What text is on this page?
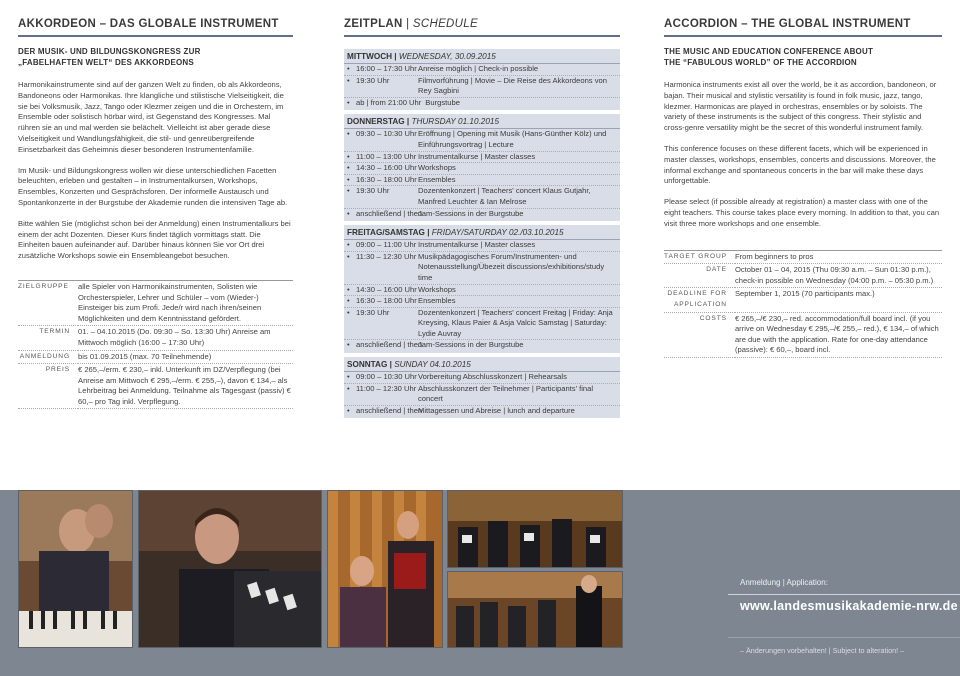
AKKORDEON – DAS GLOBALE INSTRUMENT
DER MUSIK- UND BILDUNGSKONGRESS ZUR
„FABELHAFTEN WELT“ DES AKKORDEONS
Harmonikainstrumente sind auf der ganzen Welt zu finden, ob als Akkordeons, Bandoneons oder Harmonikas. Ihre klangliche und stilistische Vielseitigkeit, die sie bei Volksmusik, Jazz, Tango oder Klezmer zeigen und die in Orchestern, im Ensemble oder solistisch hörbar wird, ist Gegenstand des Kongresses. Mal rühren sie an und mal werden sie belächelt. Vielleicht ist aber gerade diese Vielseitigkeit und Wandlungsfähigkeit, die stil- und genreübergreifende Einsetzbarkeit das Geheimnis dieser besonderen Instrumentenfamilie.
Im Musik- und Bildungskongress wollen wir diese unterschiedlichen Facetten beleuchten, erleben und gestalten – in Instrumentalkursen, Workshops, Ensembles, Konzerten und Gesprächsforen. Der informelle Austausch und Spontankonzerte in der Burgstube der Akademie runden die intensiven Tage ab.
Bitte wählen Sie (möglichst schon bei der Anmeldung) einen Instrumentalkurs bei einem der acht Dozenten. Dieser Kurs findet täglich vormittags statt. Die Einheiten bauen aufeinander auf. Darüber hinaus können Sie vor Ort drei zusätzliche Workshops sowie ein Ensembleangebot besuchen.
ZIELGRUPPE	alle Spieler von Harmonikainstrumenten, Solisten wie Orchesterspieler, Lehrer und Schüler – vom (Wieder-) Einsteiger bis zum Profi. Jede/r wird nach ihren/seinen Möglichkeiten und dem Kenntnisstand gefördert.
TERMIN	01. – 04.10.2015 (Do. 09:30 – So. 13:30 Uhr) Anreise am Mittwoch möglich (16:00 – 17:30 Uhr)
ANMELDUNG	bis 01.09.2015 (max. 70 Teilnehmende)
PREIS	€ 265,–/erm. € 230,– inkl. Unterkunft im DZ/Verpflegung (bei Anreise am Mittwoch € 295,–/erm. € 255,–), davon € 134,– als Lehrbeitrag bei Anmeldung. Teilnahme als Tagesgast (passiv) € 60,– pro Tag inkl. Verpflegung.
ZEITPLAN | SCHEDULE
MITTWOCH | WEDNESDAY, 30.09.2015
• 16:00 – 17:30 Uhr Anreise möglich | Check-in possible
• 19:30 Uhr	Filmvorführung | Movie – Die Reise des Akkordeons von Rey Sagbini
• ab | from 21:00 Uhr Burgstube
DONNERSTAG | THURSDAY 01.10.2015
• 09:30 – 10:30 Uhr Eröffnung | Opening mit Musik (Hans-Günther Kölz) und Einführungsvortrag | Lecture
• 11:00 – 13:00 Uhr Instrumentalkurse | Master classes
• 14:30 – 16:00 Uhr Workshops
• 16:30 – 18:00 Uhr Ensembles
• 19:30 Uhr	Dozentenkonzert | Teachers' concert Klaus Gutjahr, Manfred Leuchter & Ian Melrose
• anschließend | then
Jam-Sessions in der Burgstube
FREITAG/SAMSTAG | FRIDAY/SATURDAY 02./03.10.2015
• 09:00 – 11:00 Uhr Instrumentalkurse | Master classes
• 11:30 – 12:30 Uhr Musikpädagogisches Forum/Instrumenten- und Notenausstellung/Übezeit discussions/exhibitions/study time
• 14:30 – 16:00 Uhr Workshops
• 16:30 – 18:00 Uhr Ensembles
• 19:30 Uhr	Dozentenkonzert | Teachers' concert Freitag | Friday: Anja Kreysing, Klaus Paier & Asja Valcic Samstag | Saturday: Lydie Auvray
• anschließend | then
Jam-Sessions in der Burgstube
SONNTAG | SUNDAY 04.10.2015
• 09:00 – 10:30 Uhr Vorbereitung Abschlusskonzert | Rehearsals
• 11:00 – 12:30 Uhr Abschlusskonzert der Teilnehmer | Participants' final concert
• anschließend | then
Mittagessen und Abreise | lunch and departure
ACCORDION – THE GLOBAL INSTRUMENT
THE MUSIC AND EDUCATION CONFERENCE ABOUT
THE “FABULOUS WORLD” OF THE ACCORDION
Harmonica instruments exist all over the world, be it as accordion, bandoneon, or bajan. Their musical and stylistic versatility is found in folk music, jazz, tango, klezmer. Harmonicas are played in orchestras, ensembles or by soloists. The variety of these instruments is the subject of this congress. Their stylistic and cross-genre versatility might be the secret of this wonderful instrument family.
This conference focuses on these different facets, which will be experienced in master classes, workshops, ensembles, concerts and discussions. Moreover, the informal exchange and spontaneous concerts in the bar will make these days unforgettable.
Please select (if possible already at registration) a master class with one of the eight teachers. This course takes place every morning. In addition to that, you can visit three more workshops and one ensemble.
TARGET GROUP	From beginners to pros
DATE	October 01 – 04, 2015 (Thu 09:30 a.m. – Sun 01:30 p.m.), check-in possible on Wednesday (04:00 p.m. – 05:30 p.m.)
DEADLINE FOR APPLICATION	September 1, 2015 (70 participants max.)
COSTS	€ 265,–/€ 230,– red. accommodation/full board incl. (if you arrive on Wednesday € 295,–/€ 255,– red.), € 134,– of which are due with the application. Rate for one-day attendance (passive): € 60,–, board incl.
Anmeldung | Application:
www.landesmusikakademie-nrw.de
– Änderungen vorbehalten! | Subject to alteration! –
